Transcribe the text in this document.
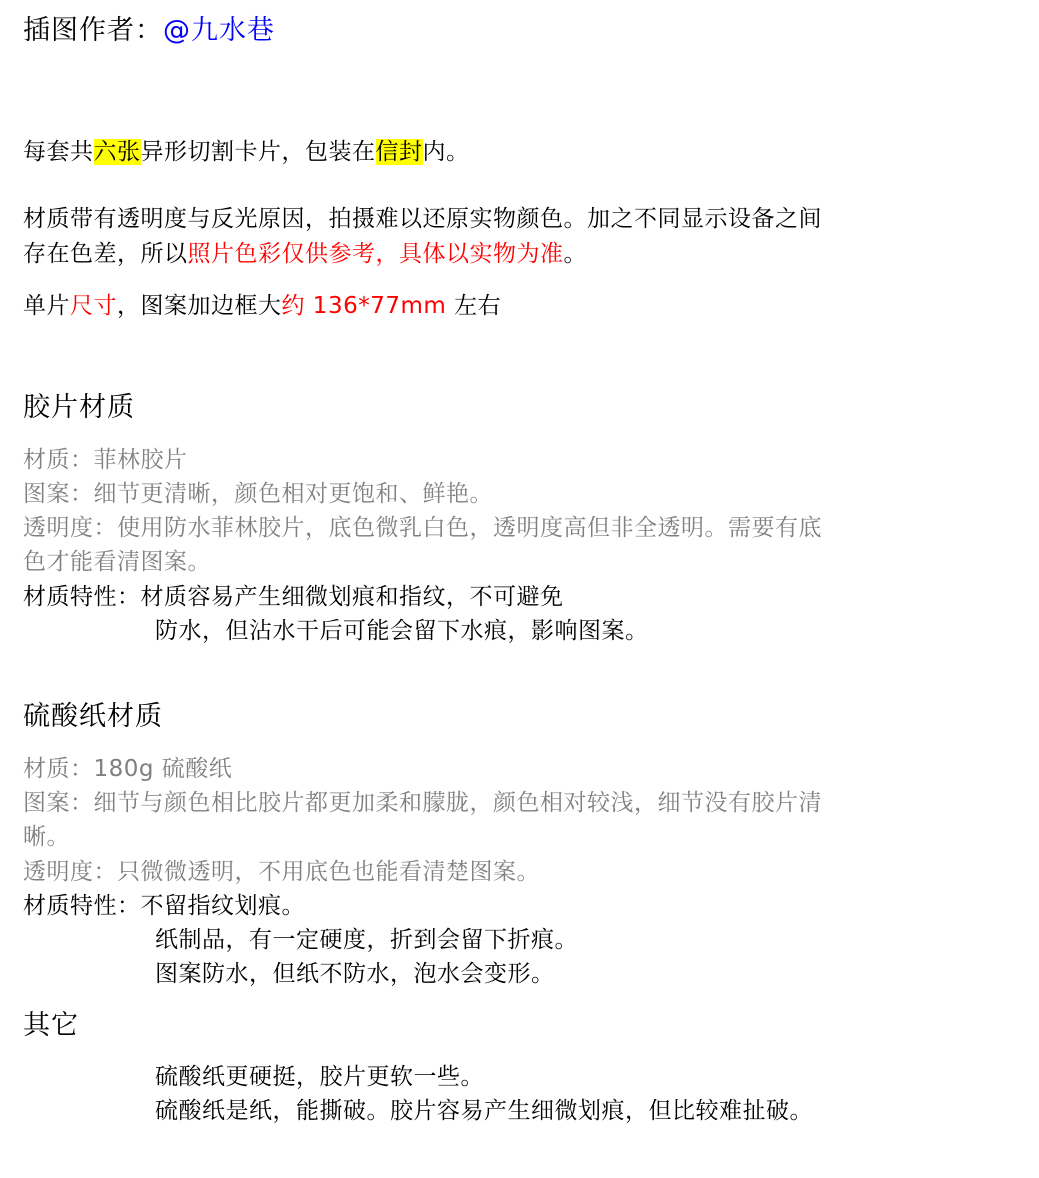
插图作者：@九水巷
每套共六张异形切割卡片，包装在信封内。
材质带有透明度与反光原因，拍摄难以还原实物颜色。加之不同显示设备之间
存在色差，所以照片色彩仅供参考，具体以实物为准。
单片尺寸，图案加边框大约 136*77mm 左右
胶片材质
材质：菲林胶片
图案：细节更清晰，颜色相对更饱和、鲜艳。
透明度：使用防水菲林胶片，底色微乳白色，透明度高但非全透明。需要有底
色才能看清图案。
材质特性：材质容易产生细微划痕和指纹，不可避免
防水，但沾水干后可能会留下水痕，影响图案。
硫酸纸材质
材质：180g 硫酸纸
图案：细节与颜色相比胶片都更加柔和朦胧，颜色相对较浅，细节没有胶片清
晰。
透明度：只微微透明，不用底色也能看清楚图案。
材质特性：不留指纹划痕。
纸制品，有一定硬度，折到会留下折痕。
图案防水，但纸不防水，泡水会变形。
其它
硫酸纸更硬挺，胶片更软一些。
硫酸纸是纸，能撕破。胶片容易产生细微划痕，但比较难扯破。
